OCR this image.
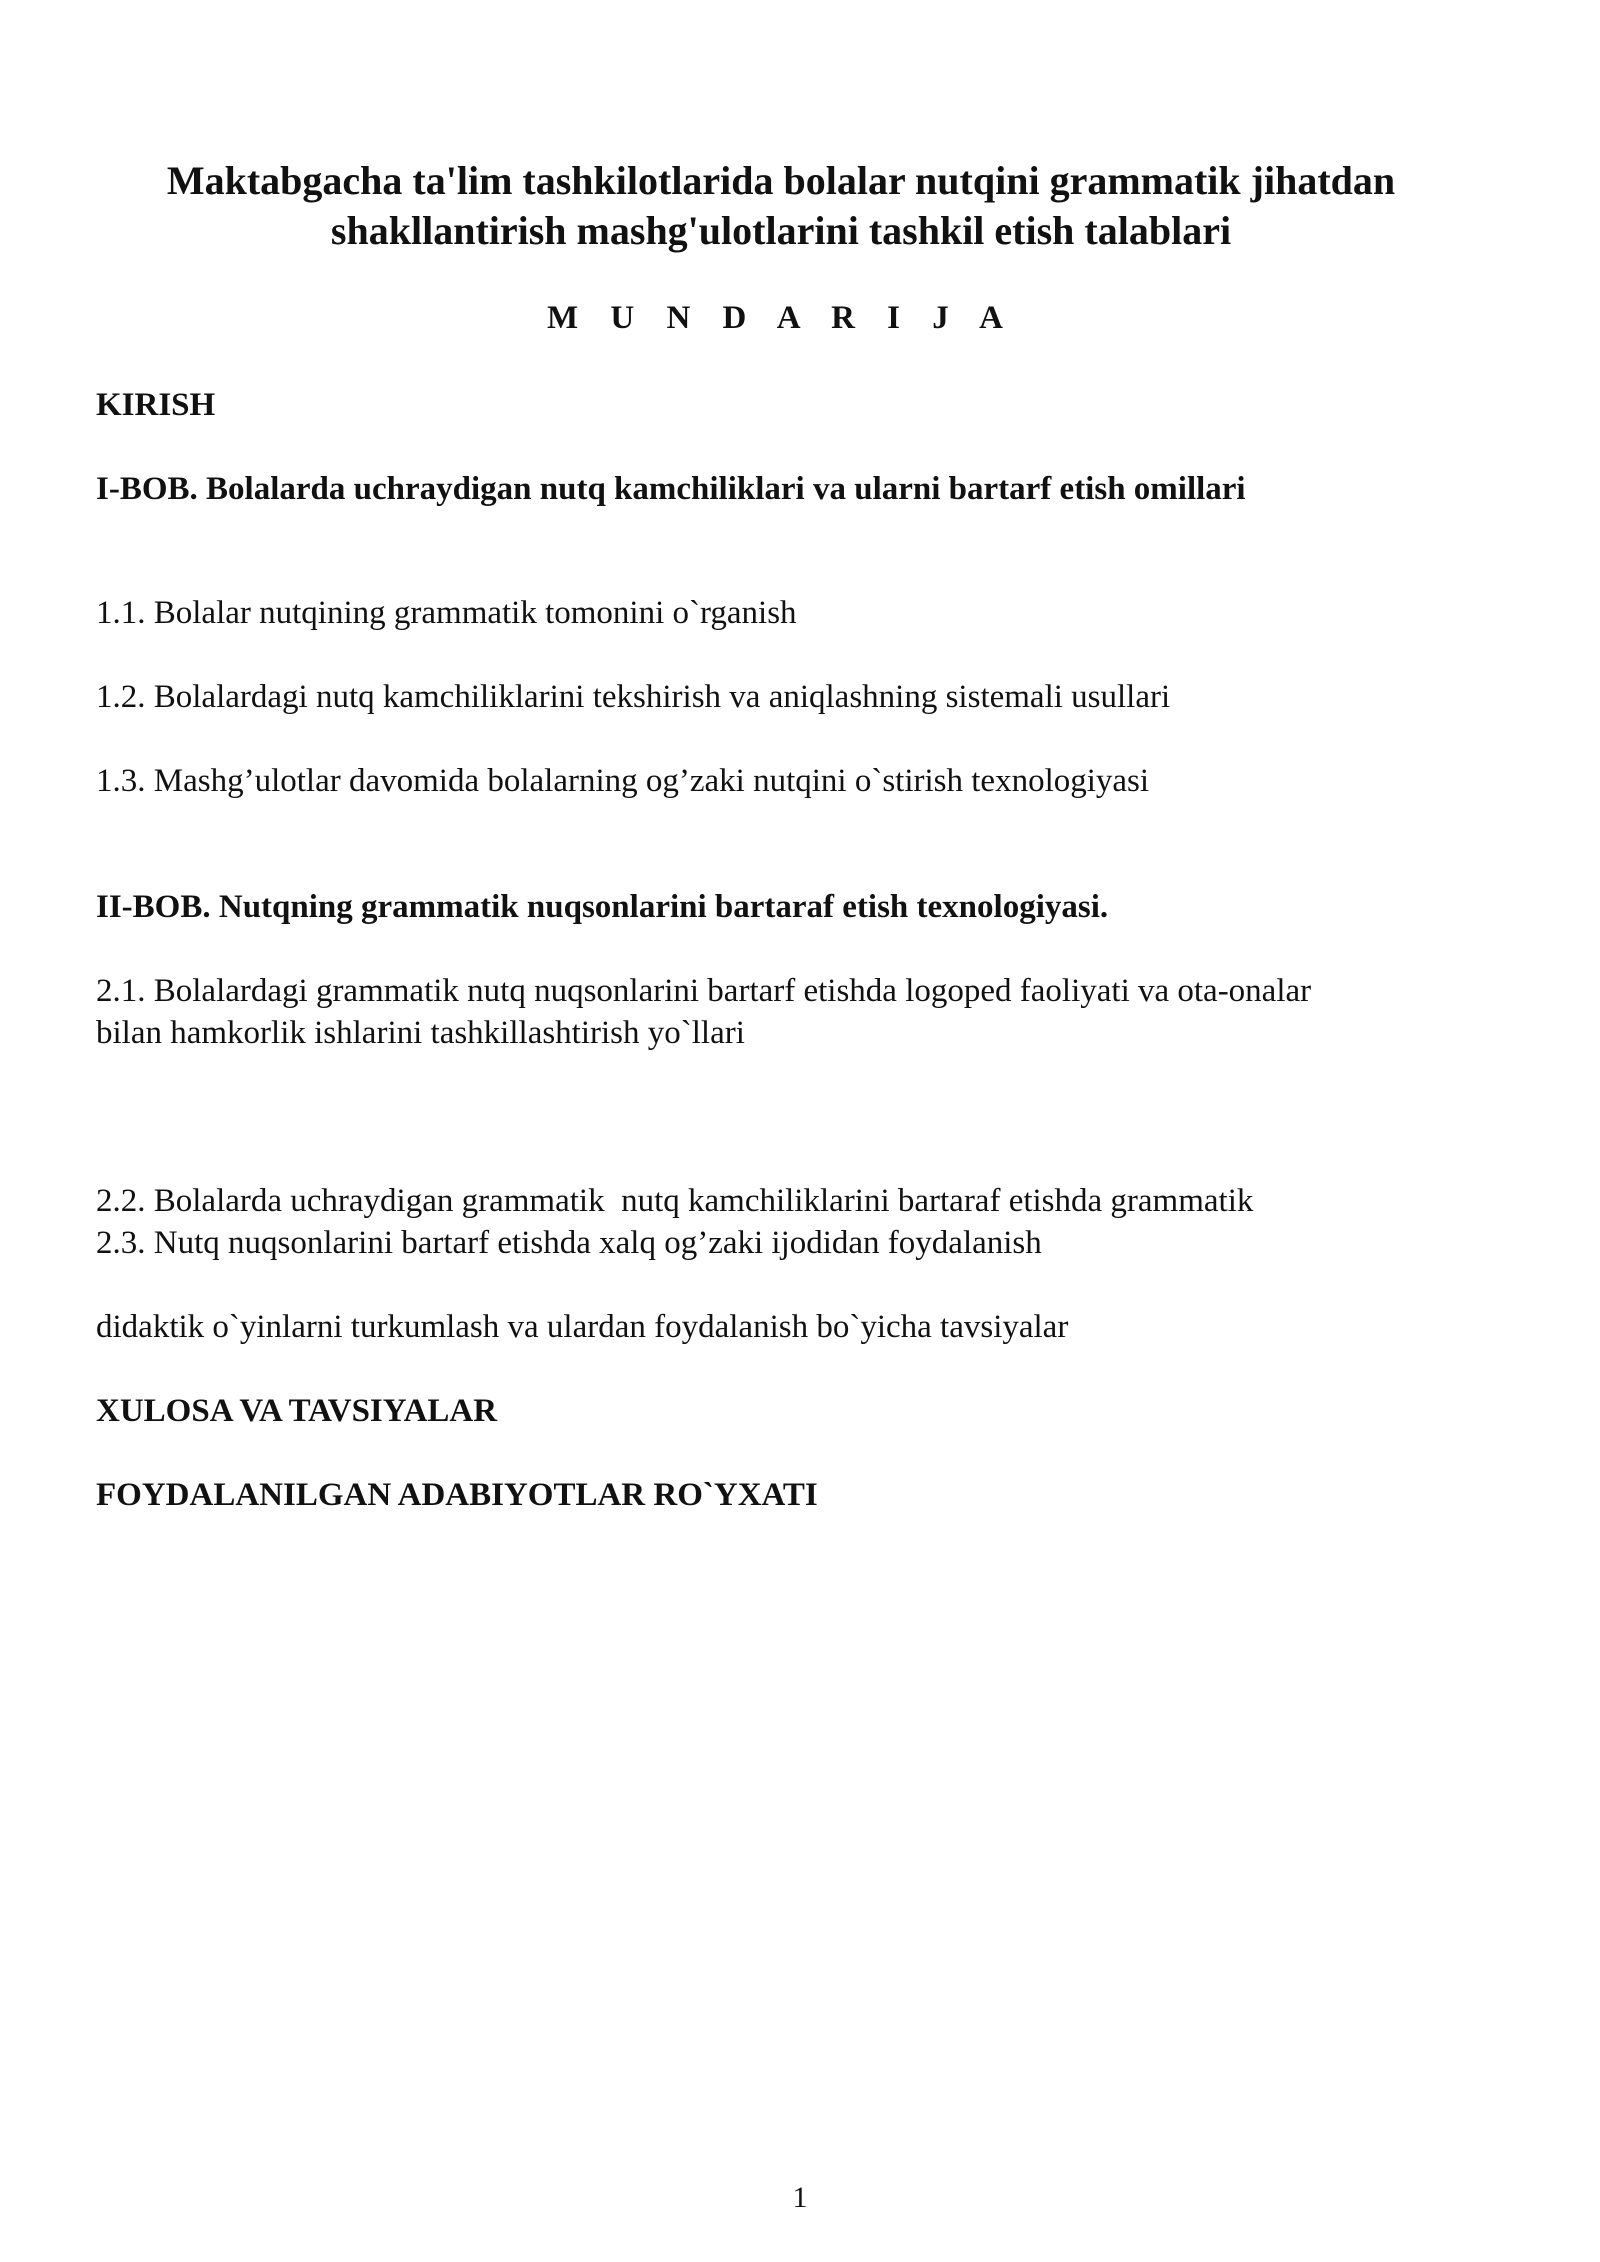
Maktabgacha ta'lim tashkilotlarida bolalar nutqini grammatik jihatdan
shakllantirish mashg'ulotlarini tashkil etish talablari
M U N D A R I J A
KIRISH
I-BOB. Bolalarda uchraydigan nutq kamchiliklari va ularni bartarf etish omillari
1.1. Bolalar nutqining grammatik tomonini o`rganish
1.2. Bolalardagi nutq kamchiliklarini tekshirish va aniqlashning sistemali usullari
1.3. Mashg’ulotlar davomida bolalarning og’zaki nutqini o`stirish texnologiyasi
II-BOB. Nutqning grammatik nuqsonlarini bartaraf etish texnologiyasi.
2.1. Bolalardagi grammatik nutq nuqsonlarini bartarf etishda logoped faoliyati va ota-onalar
bilan hamkorlik ishlarini tashkillashtirish yo`llari

2.2. Bolalarda uchraydigan grammatik  nutq kamchiliklarini bartaraf etishda grammatik

didaktik o`yinlarni turkumlash va ulardan foydalanish bo`yicha tavsiyalar

2.3. Nutq nuqsonlarini bartarf etishda xalq og’zaki ijodidan foydalanish
XULOSA VA TAVSIYALAR
FOYDALANILGAN ADABIYOTLAR RO`YXATI
1
